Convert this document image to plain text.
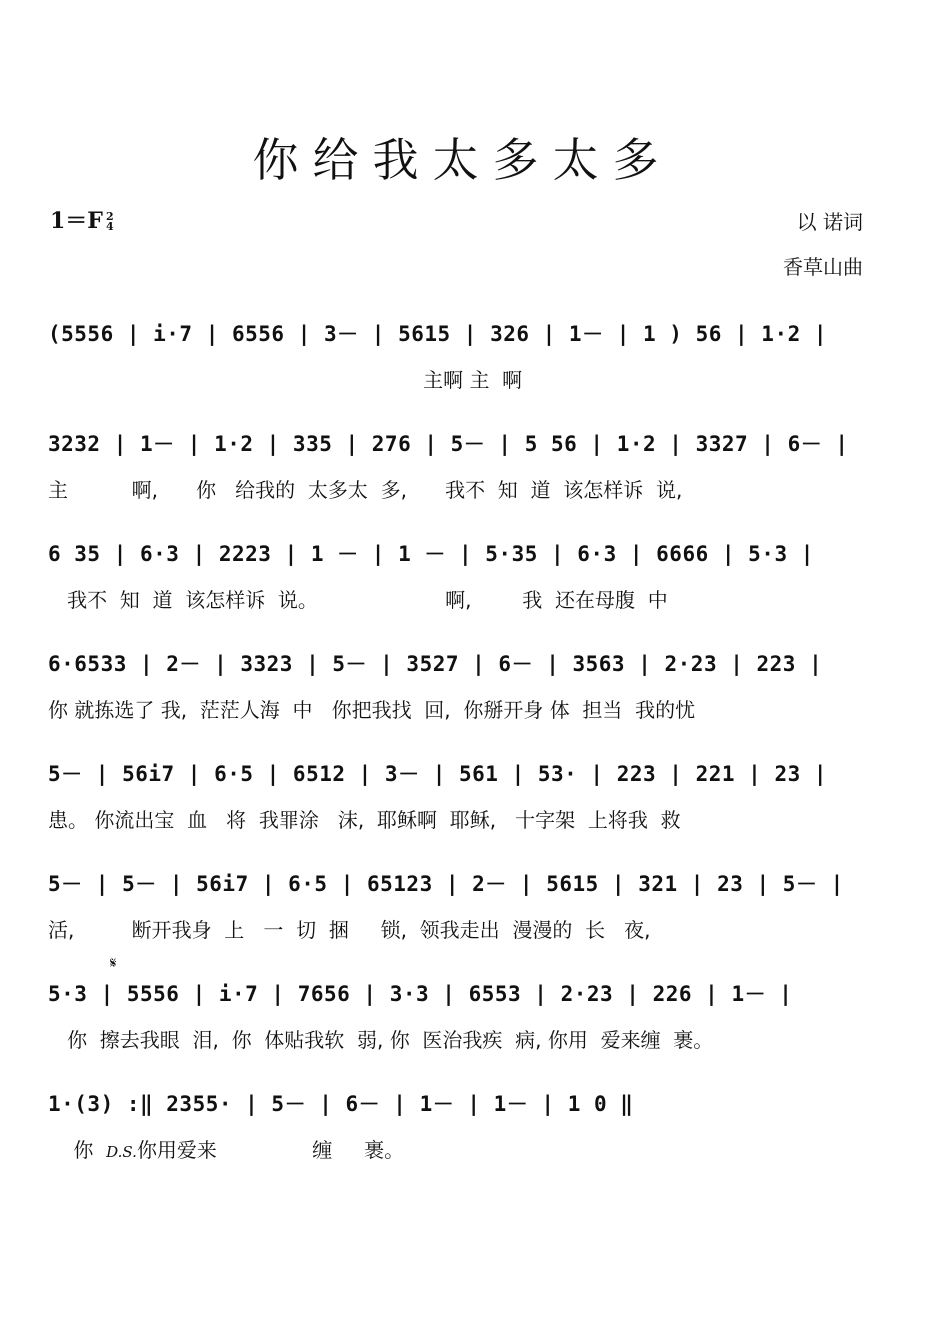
你给我太多太多
1＝F 2
4	以 诺词
香草山曲
(5556 | i·7 | 6556 | 3－ | 5615 | 326 | 1－ | 1 ) 56 | 1·2 |
主啊 主  啊
3232 | 1－ | 1·2 | 335 | 276 | 5－ | 5 56 | 1·2 | 3327 | 6－ |
主          啊,      你   给我的  太多太  多,      我不  知  道  该怎样诉  说,
6 35 | 6·3 | 2223 | 1 － | 1 － | 5·35 | 6·3 | 6666 | 5·3 |
我不  知  道  该怎样诉  说。                    啊,        我  还在母腹  中
6·6533 | 2－ | 3323 | 5－ | 3527 | 6－ | 3563 | 2·23 | 223 |
你 就拣选了 我,  茫茫人海  中   你把我找  回,  你掰开身 体  担当  我的忧
5－ | 56i7 | 6·5 | 6512 | 3－ | 561 | 53· | 223 | 221 | 23 |
患。 你流出宝  血   将  我罪涂   沫,  耶稣啊  耶稣,   十字架  上将我  救
5－ | 5－ | 56i7 | 6·5 | 65123 | 2－ | 5615 | 321 | 23 | 5－ |
活,         断开我身  上   一  切  捆     锁,  领我走出  漫漫的  长   夜,
𝄋
5·3 | 5556 | i·7 | 7656 | 3·3 | 6553 | 2·23 | 226 | 1－ |
你  擦去我眼  泪,  你  体贴我软  弱, 你  医治我疾  病, 你用  爱来缠  裹。
1·(3) :‖ 2355· | 5－ | 6－ | 1－ | 1－ | 1 0 ‖
你  D.S.你用爱来               缠     裹。
